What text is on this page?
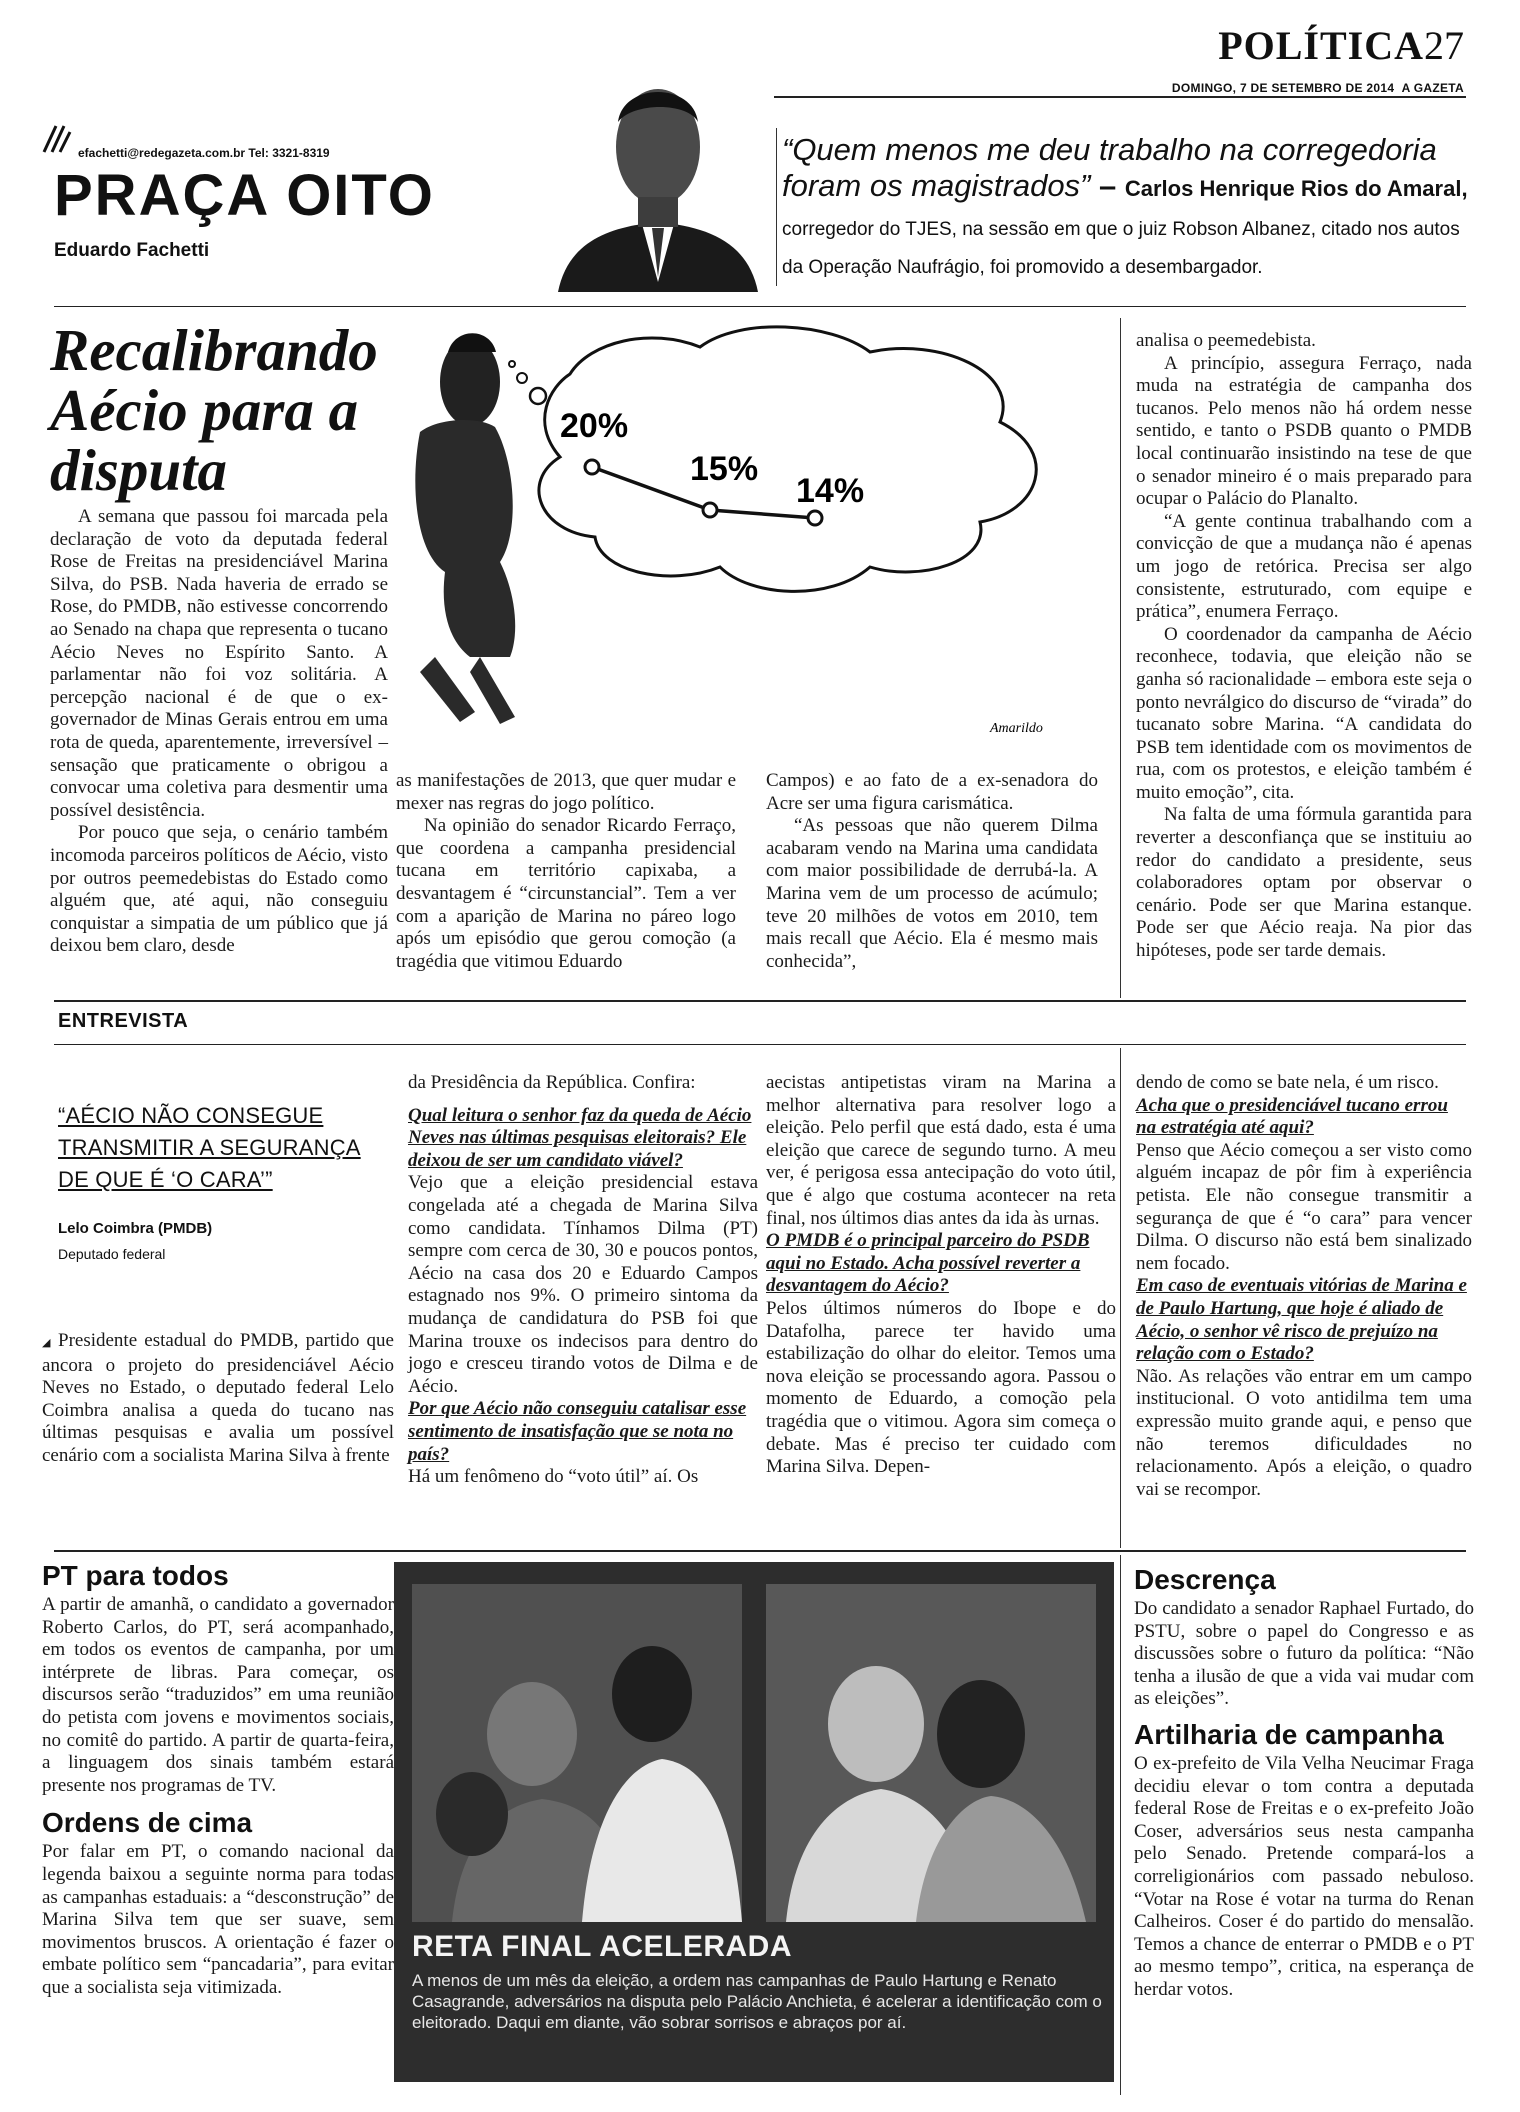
POLÍTICA27
DOMINGO, 7 DE SETEMBRO DE 2014 A GAZETA
efachetti@redegazeta.com.br Tel: 3321-8319
PRAÇA OITO
Eduardo Fachetti
“Quem menos me deu trabalho na corregedoria foram os magistrados” – Carlos Henrique Rios do Amaral, corregedor do TJES, na sessão em que o juiz Robson Albanez, citado nos autos da Operação Naufrágio, foi promovido a desembargador.
Recalibrando Aécio para a disputa

A semana que passou foi marcada pela declaração de voto da deputada federal Rose de Freitas na presidenciável Marina Silva, do PSB. Nada haveria de errado se Rose, do PMDB, não estivesse concorrendo ao Senado na chapa que representa o tucano Aécio Neves no Espírito Santo. A parlamentar não foi voz solitária. A percepção nacional é de que o ex-governador de Minas Gerais entrou em uma rota de queda, aparentemente, irreversível – sensação que praticamente o obrigou a convocar uma coletiva para desmentir uma possível desistência.

Por pouco que seja, o cenário também incomoda parceiros políticos de Aécio, visto por outros peemedebistas do Estado como alguém que, até aqui, não conseguiu conquistar a simpatia de um público que já deixou bem claro, desde

20%
15%
14%
Amarildo

as manifestações de 2013, que quer mudar e mexer nas regras do jogo político.

Na opinião do senador Ricardo Ferraço, que coordena a campanha presidencial tucana em território capixaba, a desvantagem é “circunstancial”. Tem a ver com a aparição de Marina no páreo logo após um episódio que gerou comoção (a tragédia que vitimou Eduardo

Campos) e ao fato de a ex-senadora do Acre ser uma figura carismática.

“As pessoas que não querem Dilma acabaram vendo na Marina uma candidata com maior possibilidade de derrubá-la. A Marina vem de um processo de acúmulo; teve 20 milhões de votos em 2010, tem mais recall que Aécio. Ela é mesmo mais conhecida”,

analisa o peemedebista.

A princípio, assegura Ferraço, nada muda na estratégia de campanha dos tucanos. Pelo menos não há ordem nesse sentido, e tanto o PSDB quanto o PMDB local continuarão insistindo na tese de que o senador mineiro é o mais preparado para ocupar o Palácio do Planalto.

“A gente continua trabalhando com a convicção de que a mudança não é apenas um jogo de retórica. Precisa ser algo consistente, estruturado, com equipe e prática”, enumera Ferraço.

O coordenador da campanha de Aécio reconhece, todavia, que eleição não se ganha só racionalidade – embora este seja o ponto nevrálgico do discurso de “virada” do tucanato sobre Marina. “A candidata do PSB tem identidade com os movimentos de rua, com os protestos, e eleição também é muito emoção”, cita.

Na falta de uma fórmula garantida para reverter a desconfiança que se instituiu ao redor do candidato a presidente, seus colaboradores optam por observar o cenário. Pode ser que Marina estanque. Pode ser que Aécio reaja. Na pior das hipóteses, pode ser tarde demais.

ENTREVISTA
“AÉCIO NÃO CONSEGUE TRANSMITIR A SEGURANÇA DE QUE É ‘O CARA’”
Lelo Coimbra (PMDB)
Deputado federal

◢ Presidente estadual do PMDB, partido que ancora o projeto do presidenciável Aécio Neves no Estado, o deputado federal Lelo Coimbra analisa a queda do tucano nas últimas pesquisas e avalia um possível cenário com a socialista Marina Silva à frente

da Presidência da República. Confira:

Qual leitura o senhor faz da queda de Aécio Neves nas últimas pesquisas eleitorais? Ele deixou de ser um candidato viável?

Vejo que a eleição presidencial estava congelada até a chegada de Marina Silva como candidata. Tínhamos Dilma (PT) sempre com cerca de 30, 30 e poucos pontos, Aécio na casa dos 20 e Eduardo Campos estagnado nos 9%. O primeiro sintoma da mudança de candidatura do PSB foi que Marina trouxe os indecisos para dentro do jogo e cresceu tirando votos de Dilma e de Aécio.

Por que Aécio não conseguiu catalisar esse sentimento de insatisfação que se nota no país?

Há um fenômeno do “voto útil” aí. Os

aecistas antipetistas viram na Marina a melhor alternativa para resolver logo a eleição. Pelo perfil que está dado, esta é uma eleição que carece de segundo turno. A meu ver, é perigosa essa antecipação do voto útil, que é algo que costuma acontecer na reta final, nos últimos dias antes da ida às urnas.

O PMDB é o principal parceiro do PSDB aqui no Estado. Acha possível reverter a desvantagem do Aécio?

Pelos últimos números do Ibope e do Datafolha, parece ter havido uma estabilização do olhar do eleitor. Temos uma nova eleição se processando agora. Passou o momento de Eduardo, a comoção pela tragédia que o vitimou. Agora sim começa o debate. Mas é preciso ter cuidado com Marina Silva. Depen-

dendo de como se bate nela, é um risco.

Acha que o presidenciável tucano errou na estratégia até aqui?

Penso que Aécio começou a ser visto como alguém incapaz de pôr fim à experiência petista. Ele não consegue transmitir a segurança de que é “o cara” para vencer Dilma. O discurso não está bem sinalizado nem focado.

Em caso de eventuais vitórias de Marina e de Paulo Hartung, que hoje é aliado de Aécio, o senhor vê risco de prejuízo na relação com o Estado?

Não. As relações vão entrar em um campo institucional. O voto antidilma tem uma expressão muito grande aqui, e penso que não teremos dificuldades no relacionamento. Após a eleição, o quadro vai se recompor.

PT para todos

A partir de amanhã, o candidato a governador Roberto Carlos, do PT, será acompanhado, em todos os eventos de campanha, por um intérprete de libras. Para começar, os discursos serão “traduzidos” em uma reunião do petista com jovens e movimentos sociais, no comitê do partido. A partir de quarta-feira, a linguagem dos sinais também estará presente nos programas de TV.

Ordens de cima

Por falar em PT, o comando nacional da legenda baixou a seguinte norma para todas as campanhas estaduais: a “desconstrução” de Marina Silva tem que ser suave, sem movimentos bruscos. A orientação é fazer o embate político sem “pancadaria”, para evitar que a socialista seja vitimizada.

RETA FINAL ACELERADA
A menos de um mês da eleição, a ordem nas campanhas de Paulo Hartung e Renato Casagrande, adversários na disputa pelo Palácio Anchieta, é acelerar a identificação com o eleitorado. Daqui em diante, vão sobrar sorrisos e abraços por aí.
Descrença

Do candidato a senador Raphael Furtado, do PSTU, sobre o papel do Congresso e as discussões sobre o futuro da política: “Não tenha a ilusão de que a vida vai mudar com as eleições”.

Artilharia de campanha

O ex-prefeito de Vila Velha Neucimar Fraga decidiu elevar o tom contra a deputada federal Rose de Freitas e o ex-prefeito João Coser, adversários seus nesta campanha pelo Senado. Pretende compará-los a correligionários com passado nebuloso. “Votar na Rose é votar na turma do Renan Calheiros. Coser é do partido do mensalão. Temos a chance de enterrar o PMDB e o PT ao mesmo tempo”, critica, na esperança de herdar votos.
